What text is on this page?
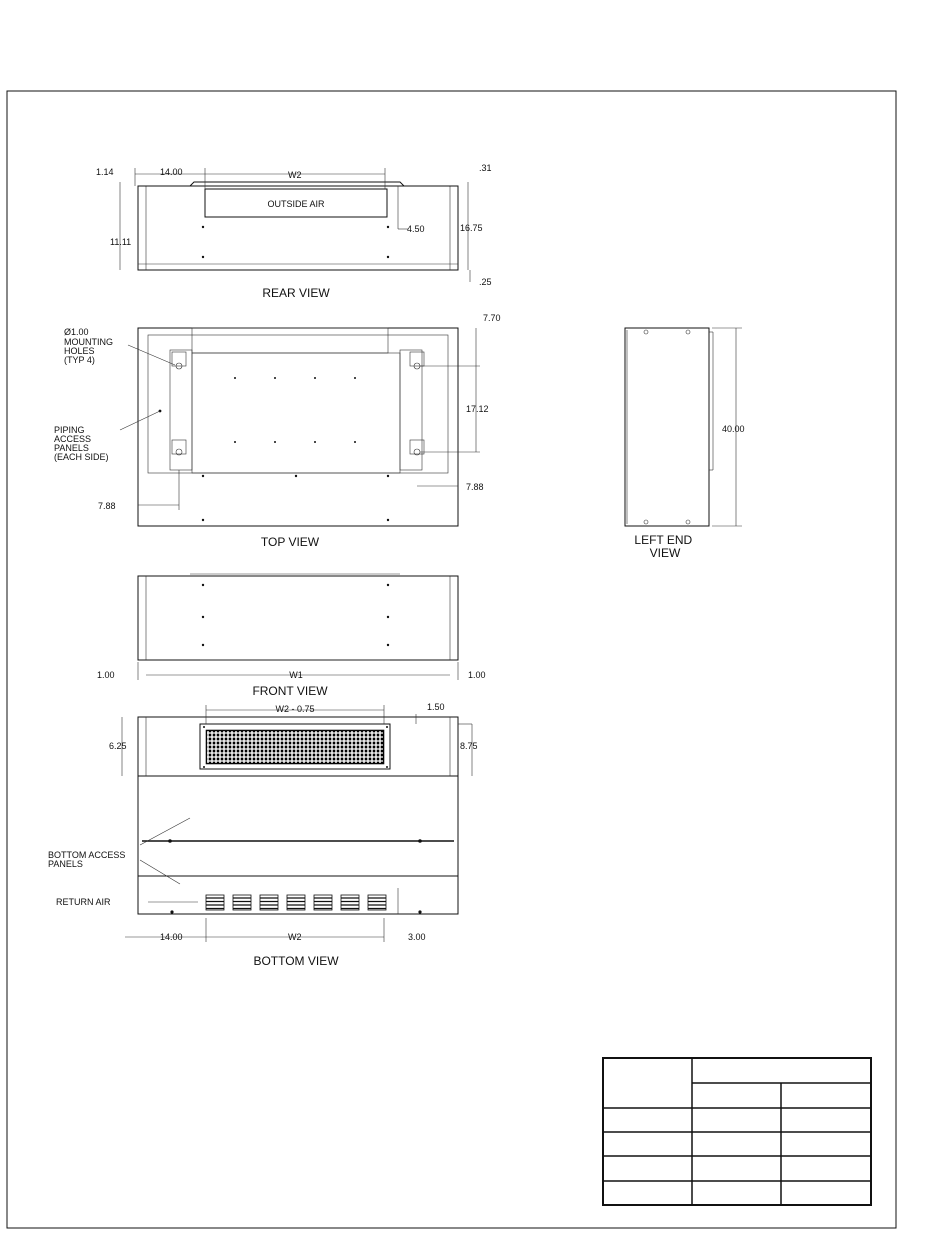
OUTSIDE AIR
1.14	14.00	W2
.31
4.50	16.75
11.11
.25
REAR VIEW
7.70
17.12
7.88
7.88
Ø1.00 MOUNTING HOLES (TYP 4)
PIPING ACCESS PANELS (EACH SIDE)
TOP VIEW
40.00
LEFT END VIEW
1.00	W1	1.00
FRONT VIEW
W2 - 0.75	1.50
6.25	8.75
14.00	W2	3.00
BOTTOM ACCESS PANELS
RETURN AIR
BOTTOM VIEW
